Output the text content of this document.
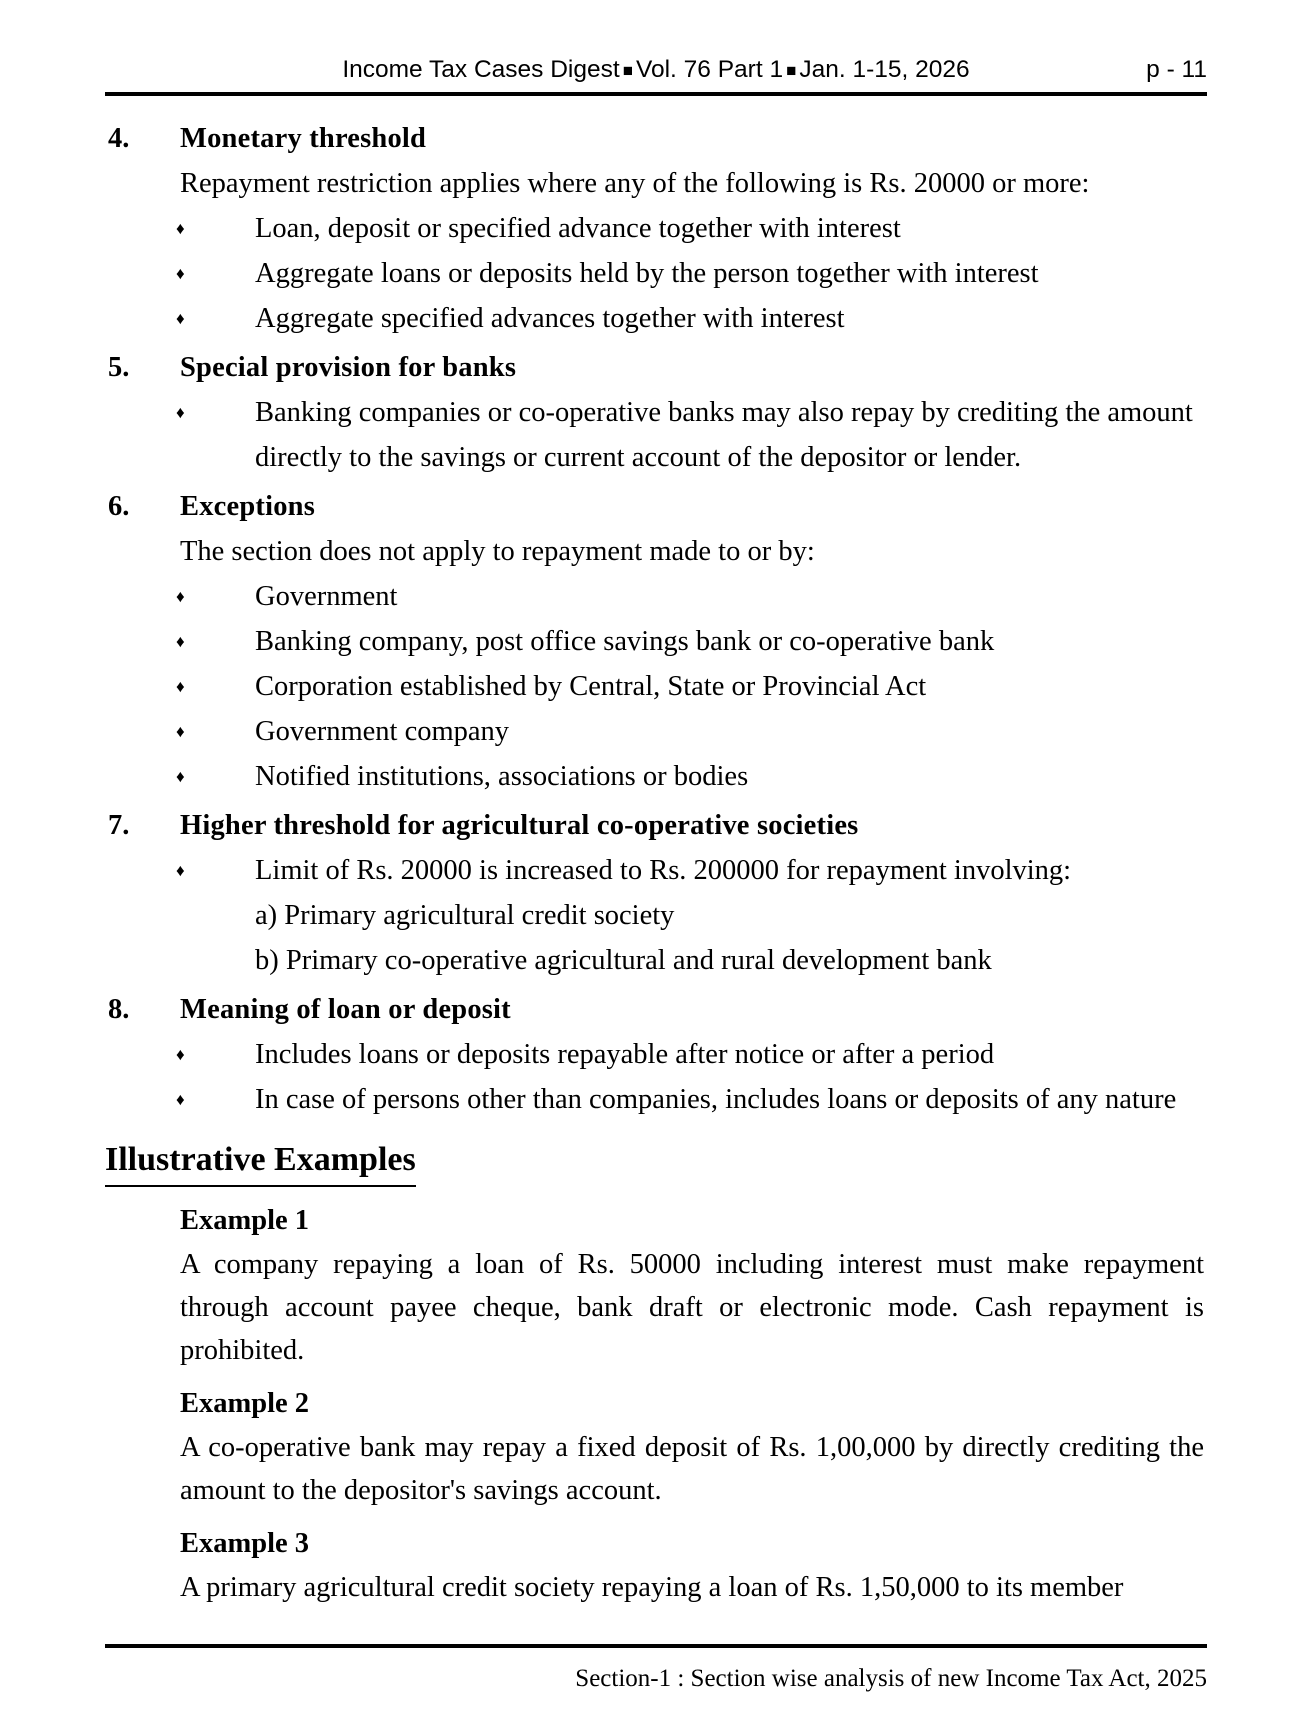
Income Tax Cases Digest ■ Vol. 76 Part 1 ■ Jan. 1-15, 2026	p - 11
4.	Monetary threshold
Repayment restriction applies where any of the following is Rs. 20000 or more:
♦ Loan, deposit or specified advance together with interest
♦ Aggregate loans or deposits held by the person together with interest
♦ Aggregate specified advances together with interest
5.	Special provision for banks
♦ Banking companies or co-operative banks may also repay by crediting the amount directly to the savings or current account of the depositor or lender.
6.	Exceptions
The section does not apply to repayment made to or by:
♦ Government
♦ Banking company, post office savings bank or co-operative bank
♦ Corporation established by Central, State or Provincial Act
♦ Government company
♦ Notified institutions, associations or bodies
7.	Higher threshold for agricultural co-operative societies
♦ Limit of Rs. 20000 is increased to Rs. 200000 for repayment involving:
a) Primary agricultural credit society
b) Primary co-operative agricultural and rural development bank
8.	Meaning of loan or deposit
♦ Includes loans or deposits repayable after notice or after a period
♦ In case of persons other than companies, includes loans or deposits of any nature
Illustrative Examples
Example 1
A company repaying a loan of Rs. 50000 including interest must make repayment through account payee cheque, bank draft or electronic mode. Cash repayment is prohibited.
Example 2
A co-operative bank may repay a fixed deposit of Rs. 1,00,000 by directly crediting the amount to the depositor's savings account.
Example 3
A primary agricultural credit society repaying a loan of Rs. 1,50,000 to its member
Section-1 : Section wise analysis of new Income Tax Act, 2025
